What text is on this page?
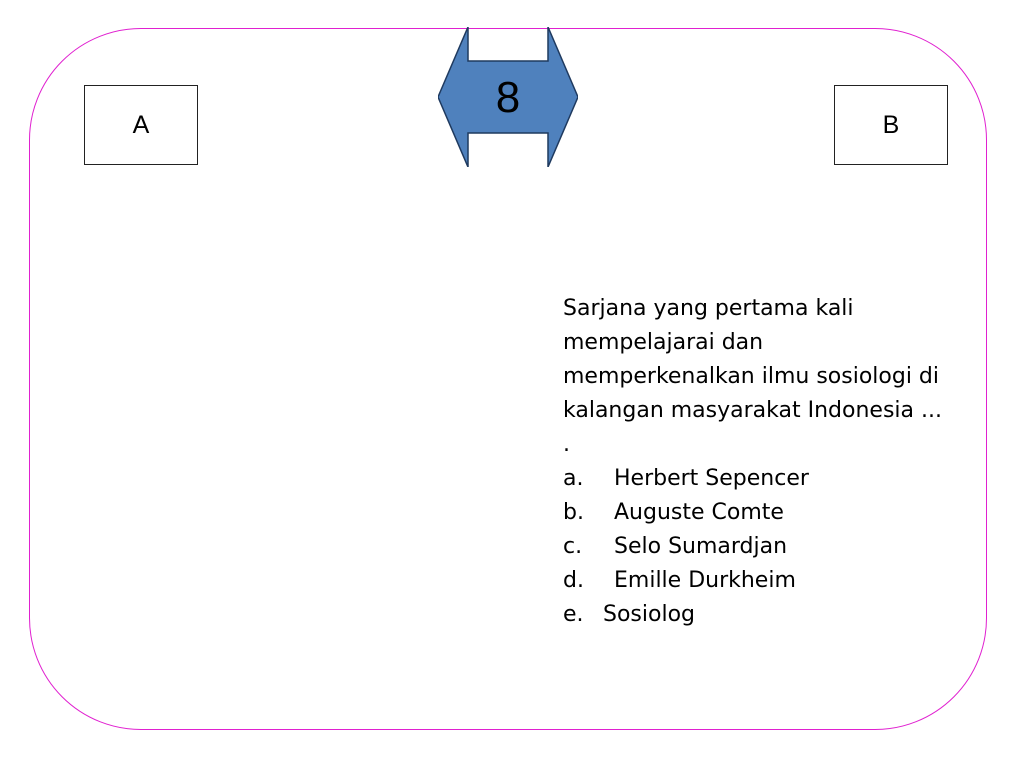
A	B
8

Sarjana yang pertama kali

mempelajarai dan

memperkenalkan ilmu sosiologi di

kalangan masyarakat Indonesia ...

.

a.	Herbert Sepencer
b.	Auguste Comte
c.	Selo Sumardjan
d.	Emille Durkheim
e. Sosiolog
